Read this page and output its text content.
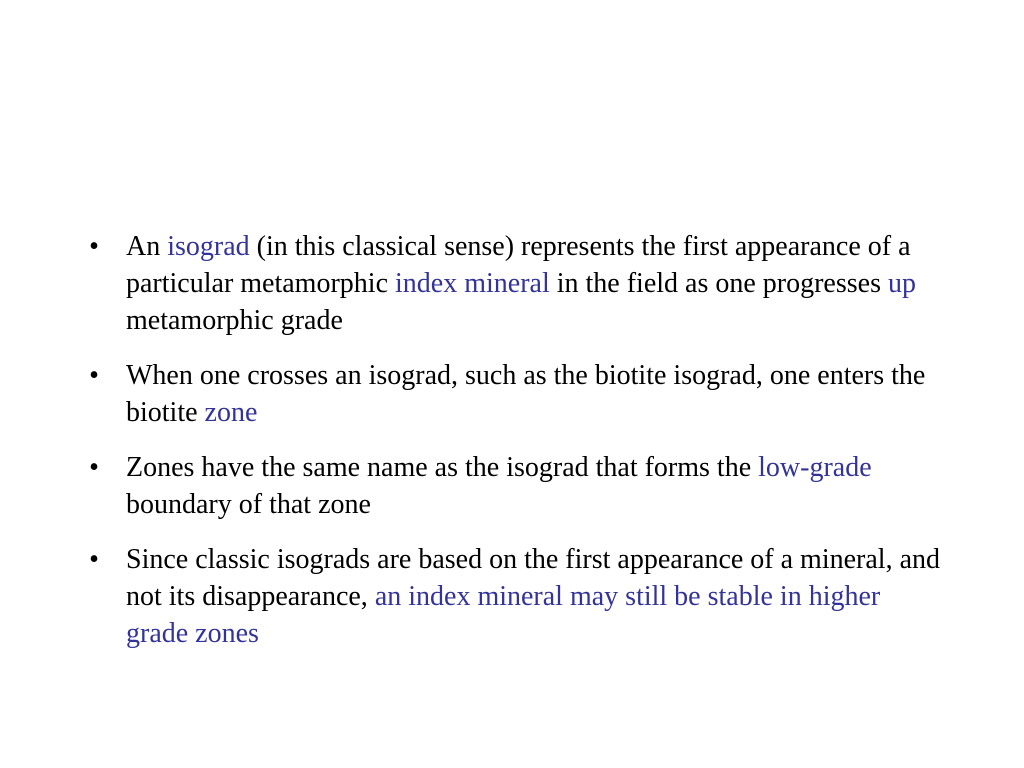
• An isograd (in this classical sense) represents the first appearance of a particular metamorphic index mineral in the field as one progresses up metamorphic grade
• When one crosses an isograd, such as the biotite isograd, one enters the biotite zone
• Zones have the same name as the isograd that forms the low-grade boundary of that zone
• Since classic isograds are based on the first appearance of a mineral, and not its disappearance, an index mineral may still be stable in higher grade zones
